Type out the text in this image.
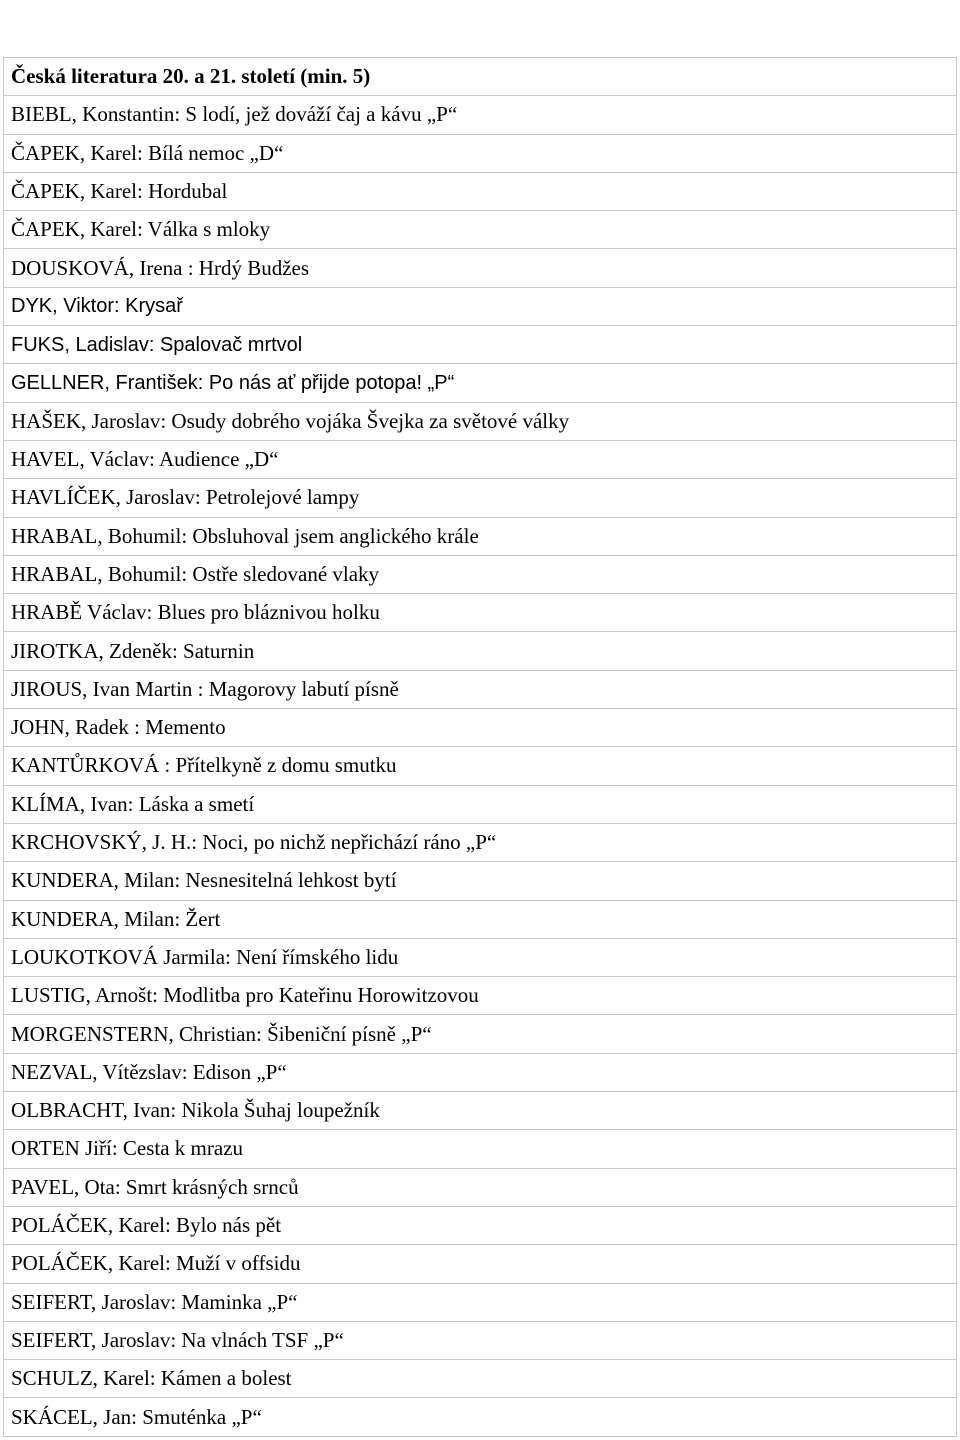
Česká literatura 20. a 21. století (min. 5)
BIEBL, Konstantin: S lodí, jež dováží čaj a kávu „P“
ČAPEK, Karel: Bílá nemoc „D“
ČAPEK, Karel: Hordubal
ČAPEK, Karel: Válka s mloky
DOUSKOVÁ, Irena : Hrdý Budžes
DYK, Viktor: Krysař
FUKS, Ladislav: Spalovač mrtvol
GELLNER, František: Po nás ať přijde potopa! „P“
HAŠEK, Jaroslav: Osudy dobrého vojáka Švejka za světové války
HAVEL, Václav: Audience „D“
HAVLÍČEK, Jaroslav: Petrolejové lampy
HRABAL, Bohumil: Obsluhoval jsem anglického krále
HRABAL, Bohumil: Ostře sledované vlaky
HRABĚ Václav: Blues pro bláznivou holku
JIROTKA, Zdeněk: Saturnin
JIROUS, Ivan Martin : Magorovy labutí písně
JOHN, Radek : Memento
KANTŮRKOVÁ : Přítelkyně z domu smutku
KLÍMA, Ivan: Láska a smetí
KRCHOVSKÝ, J. H.: Noci, po nichž nepřichází ráno „P“
KUNDERA, Milan: Nesnesitelná lehkost bytí
KUNDERA, Milan: Žert
LOUKOTKOVÁ Jarmila: Není římského lidu
LUSTIG, Arnošt: Modlitba pro Kateřinu Horowitzovou
MORGENSTERN, Christian: Šibeniční písně „P“
NEZVAL, Vítězslav: Edison „P“
OLBRACHT, Ivan: Nikola Šuhaj loupežník
ORTEN Jiří: Cesta k mrazu
PAVEL, Ota: Smrt krásných srnců
POLÁČEK, Karel: Bylo nás pět
POLÁČEK, Karel: Muží v offsidu
SEIFERT, Jaroslav: Maminka „P“
SEIFERT, Jaroslav: Na vlnách TSF „P“
SCHULZ, Karel: Kámen a bolest
SKÁCEL, Jan: Smuténka „P“
